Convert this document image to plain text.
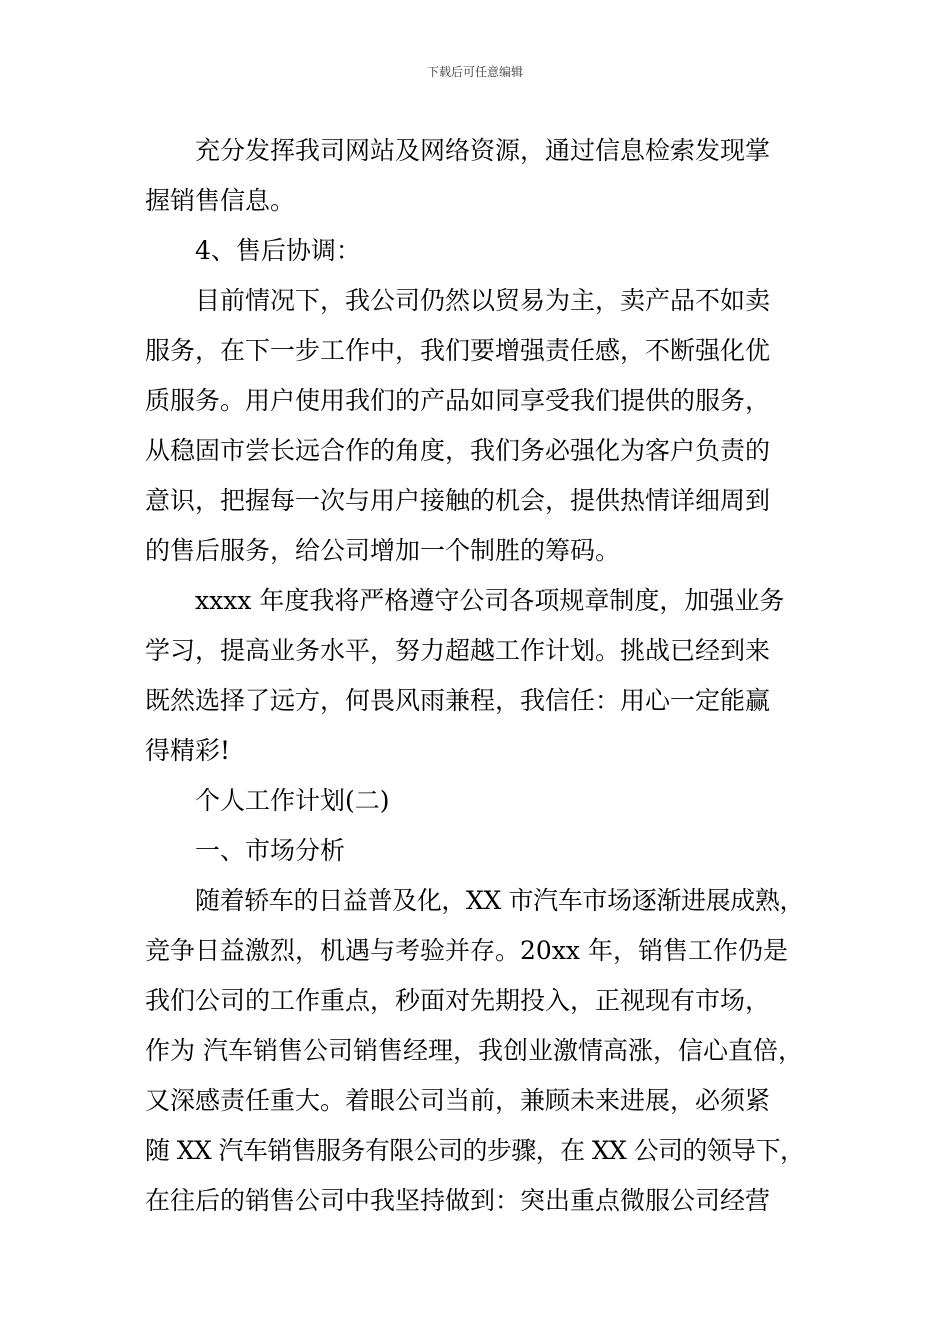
下载后可任意编辑
充分发挥我司网站及网络资源，通过信息检索发现掌
握销售信息。
4、售后协调：
目前情况下，我公司仍然以贸易为主，卖产品不如卖
服务，在下一步工作中，我们要增强责任感，不断强化优
质服务。用户使用我们的产品如同享受我们提供的服务，
从稳固市尝长远合作的角度，我们务必强化为客户负责的
意识，把握每一次与用户接触的机会，提供热情详细周到
的售后服务，给公司增加一个制胜的筹码。
xxxx 年度我将严格遵守公司各项规章制度，加强业务
学习，提高业务水平，努力超越工作计划。挑战已经到来
既然选择了远方，何畏风雨兼程，我信任：用心一定能赢
得精彩!
个人工作计划(二)
一、市场分析
随着轿车的日益普及化，XX 市汽车市场逐渐进展成熟，
竞争日益激烈，机遇与考验并存。20xx 年，销售工作仍是
我们公司的工作重点，秒面对先期投入，正视现有市场，
作为 汽车销售公司销售经理，我创业激情高涨，信心直倍，
又深感责任重大。着眼公司当前，兼顾未来进展，必须紧
随 XX 汽车销售服务有限公司的步骤，在 XX 公司的领导下，
在往后的销售公司中我坚持做到：突出重点微服公司经营
